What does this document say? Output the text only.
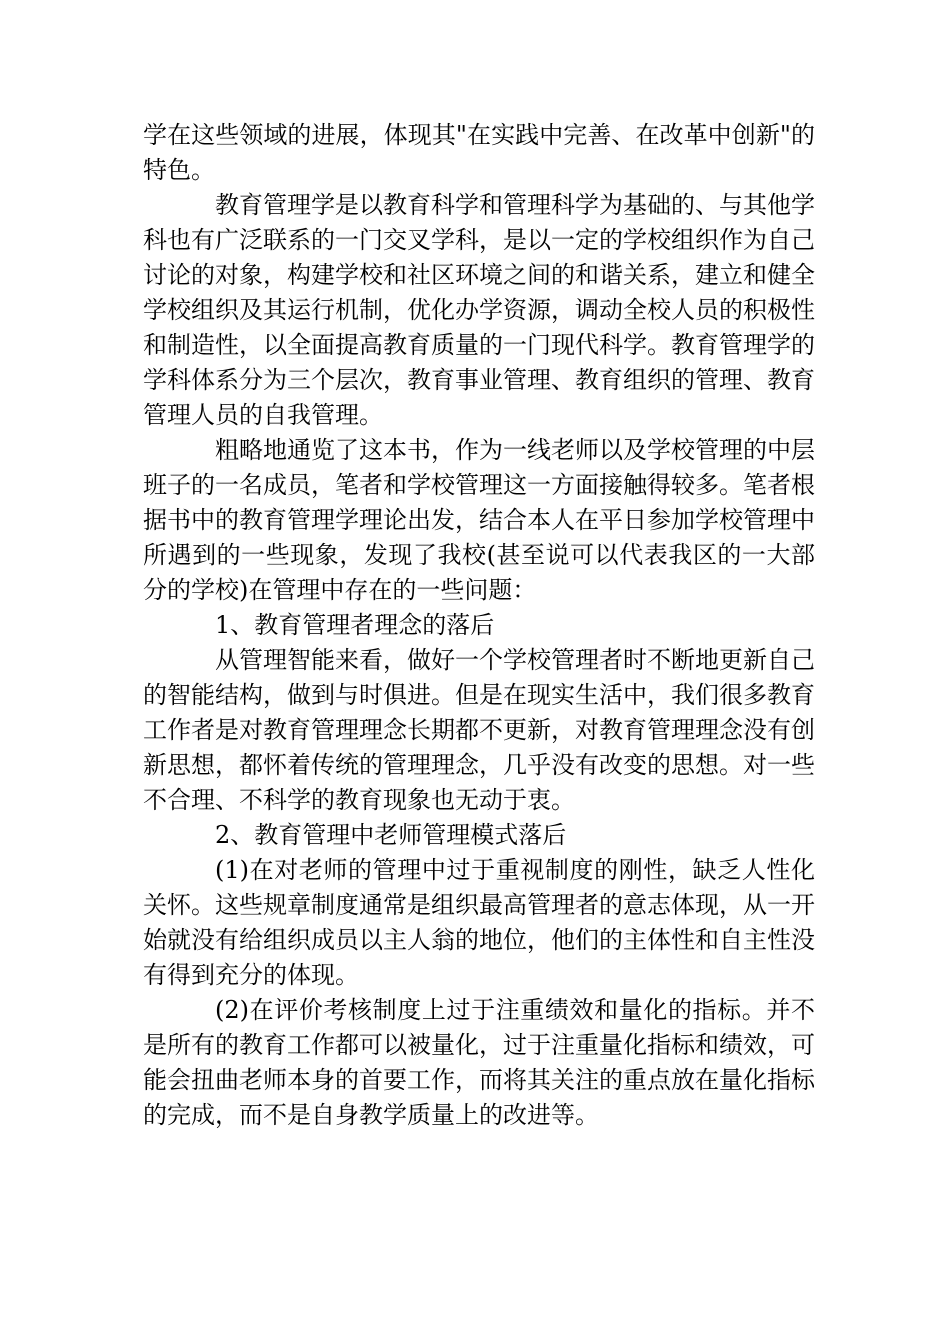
学在这些领域的进展，体现其"在实践中完善、在改革中创新"的特色。

教育管理学是以教育科学和管理科学为基础的、与其他学科也有广泛联系的一门交叉学科，是以一定的学校组织作为自己讨论的对象，构建学校和社区环境之间的和谐关系，建立和健全学校组织及其运行机制，优化办学资源，调动全校人员的积极性和制造性，以全面提高教育质量的一门现代科学。教育管理学的学科体系分为三个层次，教育事业管理、教育组织的管理、教育管理人员的自我管理。

粗略地通览了这本书，作为一线老师以及学校管理的中层班子的一名成员，笔者和学校管理这一方面接触得较多。笔者根据书中的教育管理学理论出发，结合本人在平日参加学校管理中所遇到的一些现象，发现了我校(甚至说可以代表我区的一大部分的学校)在管理中存在的一些问题：

1、教育管理者理念的落后

从管理智能来看，做好一个学校管理者时不断地更新自己的智能结构，做到与时俱进。但是在现实生活中，我们很多教育工作者是对教育管理理念长期都不更新，对教育管理理念没有创新思想，都怀着传统的管理理念，几乎没有改变的思想。对一些不合理、不科学的教育现象也无动于衷。

2、教育管理中老师管理模式落后

(1)在对老师的管理中过于重视制度的刚性，缺乏人性化关怀。这些规章制度通常是组织最高管理者的意志体现，从一开始就没有给组织成员以主人翁的地位，他们的主体性和自主性没有得到充分的体现。

(2)在评价考核制度上过于注重绩效和量化的指标。并不是所有的教育工作都可以被量化，过于注重量化指标和绩效，可能会扭曲老师本身的首要工作，而将其关注的重点放在量化指标的完成，而不是自身教学质量上的改进等。
